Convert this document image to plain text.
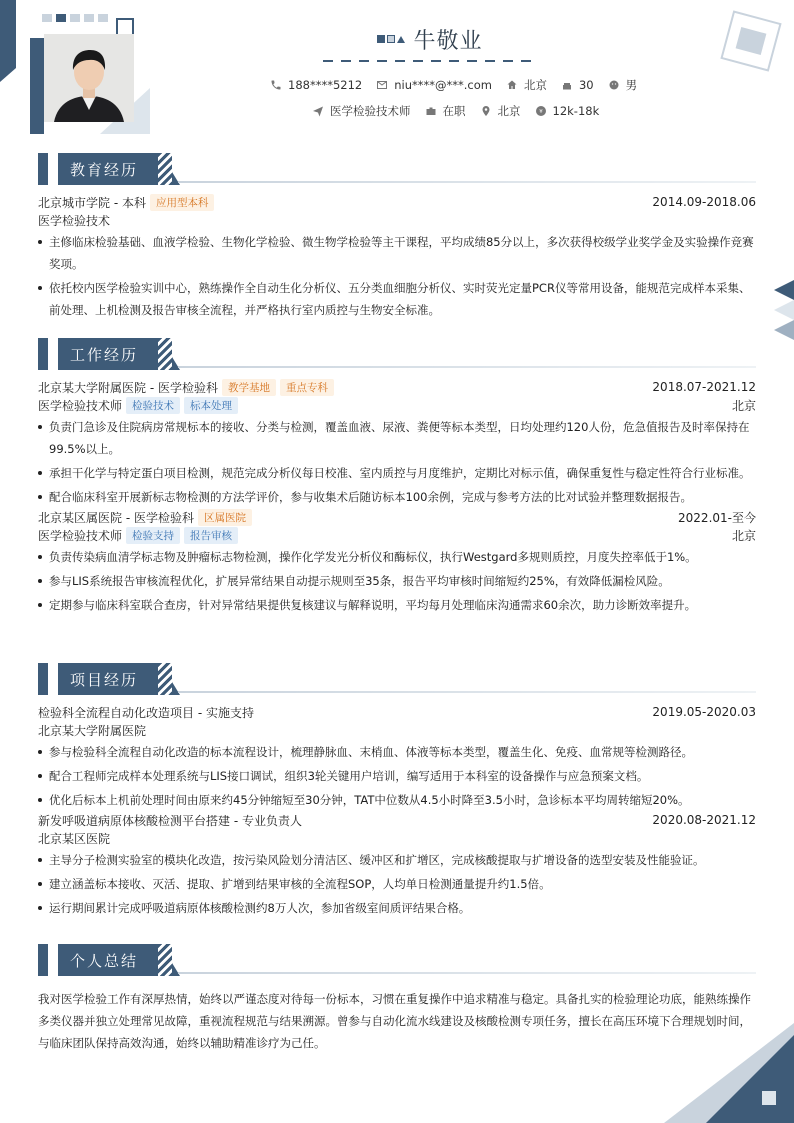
牛敬业
188****5212	niu****@***.com	北京	30	男
医学检验技术师	在职	北京 ¥ 12k-18k
教育经历
北京城市学院 - 本科 应用型本科	2014.09-2018.06
医学检验技术
主修临床检验基础、血液学检验、生物化学检验、微生物学检验等主干课程，平均成绩85分以上，多次获得校级学业奖学金及实验操作竞赛奖项。
依托校内医学检验实训中心，熟练操作全自动生化分析仪、五分类血细胞分析仪、实时荧光定量PCR仪等常用设备，能规范完成样本采集、前处理、上机检测及报告审核全流程，并严格执行室内质控与生物安全标准。
工作经历
北京某大学附属医院 - 医学检验科 教学基地	重点专科	2018.07-2021.12
医学检验技术师 检验技术	标本处理	北京
负责门急诊及住院病房常规标本的接收、分类与检测，覆盖血液、尿液、粪便等标本类型，日均处理约120人份，危急值报告及时率保持在99.5%以上。
承担干化学与特定蛋白项目检测，规范完成分析仪每日校准、室内质控与月度维护，定期比对标示值，确保重复性与稳定性符合行业标准。
配合临床科室开展新标志物检测的方法学评价，参与收集术后随访标本100余例，完成与参考方法的比对试验并整理数据报告。
北京某区属医院 - 医学检验科 区属医院	2022.01-至今
医学检验技术师 检验支持	报告审核	北京
负责传染病血清学标志物及肿瘤标志物检测，操作化学发光分析仪和酶标仪，执行Westgard多规则质控，月度失控率低于1%。
参与LIS系统报告审核流程优化，扩展异常结果自动提示规则至35条，报告平均审核时间缩短约25%，有效降低漏检风险。
定期参与临床科室联合查房，针对异常结果提供复核建议与解释说明，平均每月处理临床沟通需求60余次，助力诊断效率提升。
项目经历
检验科全流程自动化改造项目 - 实施支持	2019.05-2020.03
北京某大学附属医院
参与检验科全流程自动化改造的标本流程设计，梳理静脉血、末梢血、体液等标本类型，覆盖生化、免疫、血常规等检测路径。
配合工程师完成样本处理系统与LIS接口调试，组织3轮关键用户培训，编写适用于本科室的设备操作与应急预案文档。
优化后标本上机前处理时间由原来约45分钟缩短至30分钟，TAT中位数从4.5小时降至3.5小时，急诊标本平均周转缩短20%。
新发呼吸道病原体核酸检测平台搭建 - 专业负责人	2020.08-2021.12
北京某区医院
主导分子检测实验室的模块化改造，按污染风险划分清洁区、缓冲区和扩增区，完成核酸提取与扩增设备的选型安装及性能验证。
建立涵盖标本接收、灭活、提取、扩增到结果审核的全流程SOP，人均单日检测通量提升约1.5倍。
运行期间累计完成呼吸道病原体核酸检测约8万人次，参加省级室间质评结果合格。
个人总结
我对医学检验工作有深厚热情，始终以严谨态度对待每一份标本，习惯在重复操作中追求精准与稳定。具备扎实的检验理论功底，能熟练操作多类仪器并独立处理常见故障，重视流程规范与结果溯源。曾参与自动化流水线建设及核酸检测专项任务，擅长在高压环境下合理规划时间，与临床团队保持高效沟通，始终以辅助精准诊疗为己任。
